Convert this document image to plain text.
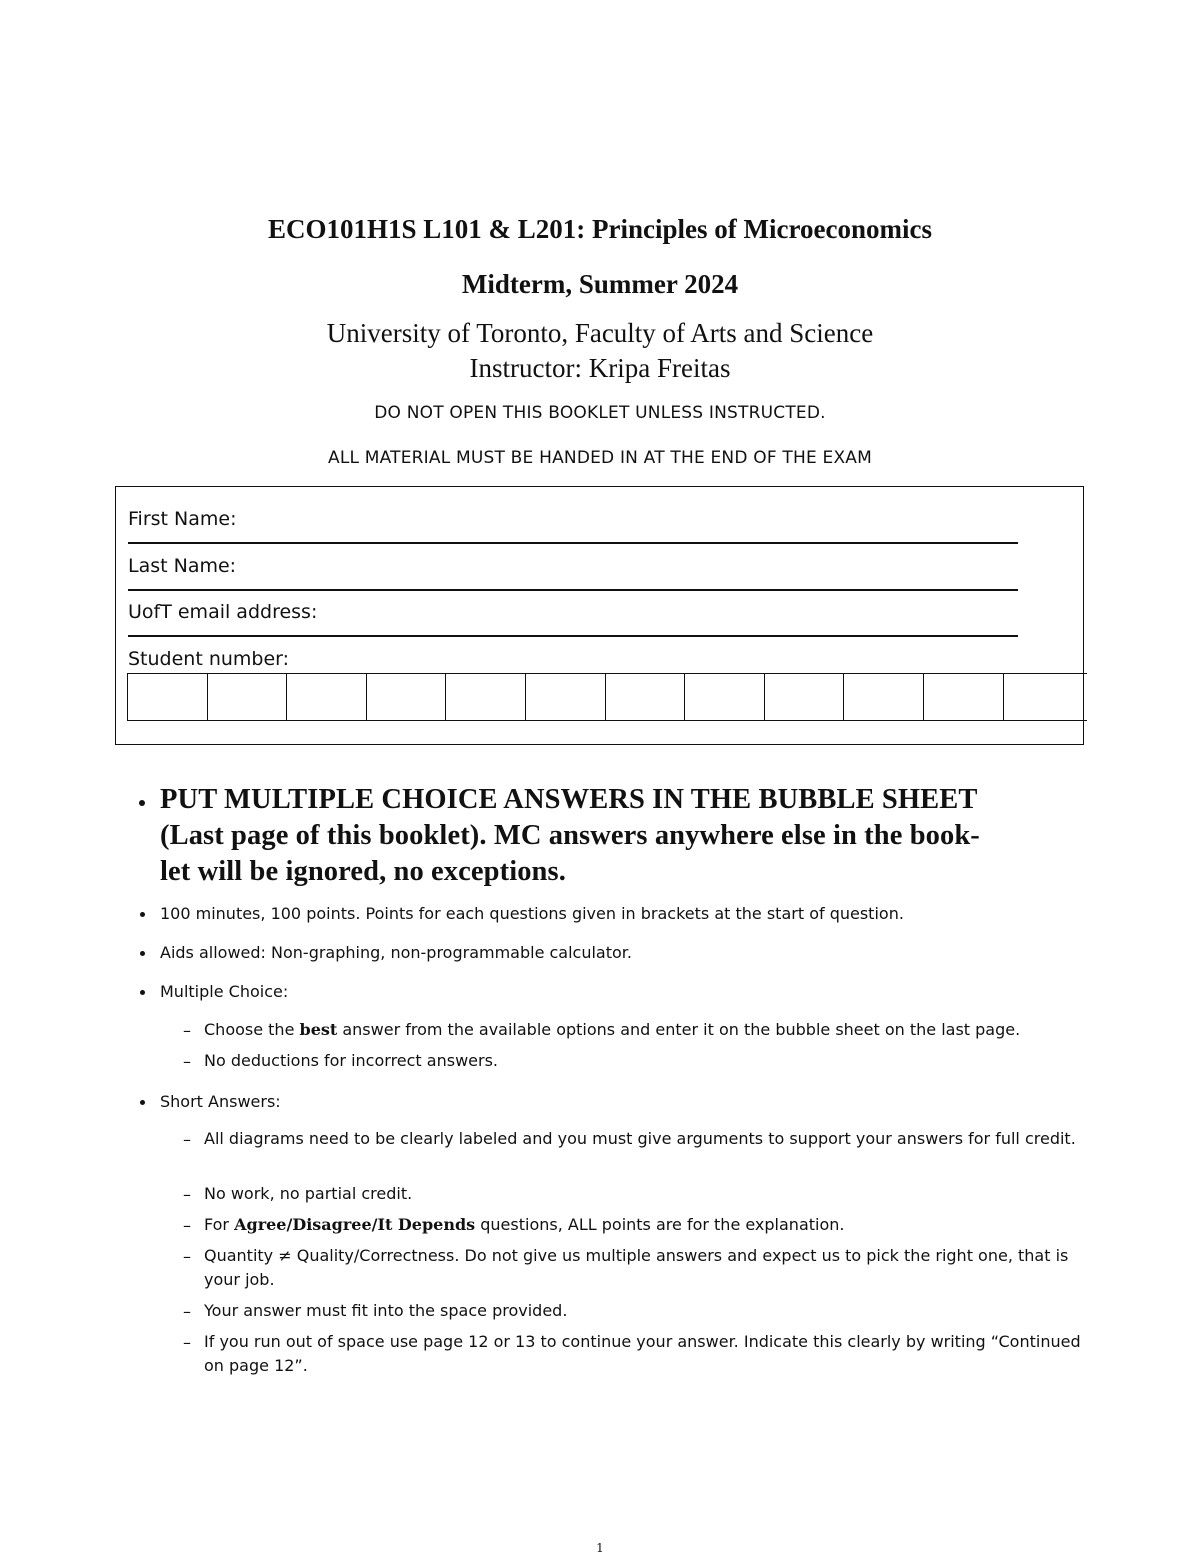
ECO101H1S L101 & L201: Principles of Microeconomics
Midterm, Summer 2024
University of Toronto, Faculty of Arts and Science
Instructor: Kripa Freitas
DO NOT OPEN THIS BOOKLET UNLESS INSTRUCTED.
ALL MATERIAL MUST BE HANDED IN AT THE END OF THE EXAM
First Name:
Last Name:
UofT email address:
Student number:
PUT MULTIPLE CHOICE ANSWERS IN THE BUBBLE SHEET
(Last page of this booklet). MC answers anywhere else in the book-
let will be ignored, no exceptions.
100 minutes, 100 points. Points for each questions given in brackets at the start of question.
Aids allowed: Non-graphing, non-programmable calculator.
Multiple Choice:
– Choose the best answer from the available options and enter it on the bubble sheet on the last page.
– No deductions for incorrect answers.
Short Answers:
– All diagrams need to be clearly labeled and you must give arguments to support your answers for full credit.
– No work, no partial credit.
– For Agree/Disagree/It Depends questions, ALL points are for the explanation.
– Quantity ≠ Quality/Correctness. Do not give us multiple answers and expect us to pick the right one, that is your job.
– Your answer must fit into the space provided.
– If you run out of space use page 12 or 13 to continue your answer. Indicate this clearly by writing “Continued on page 12”.
1
